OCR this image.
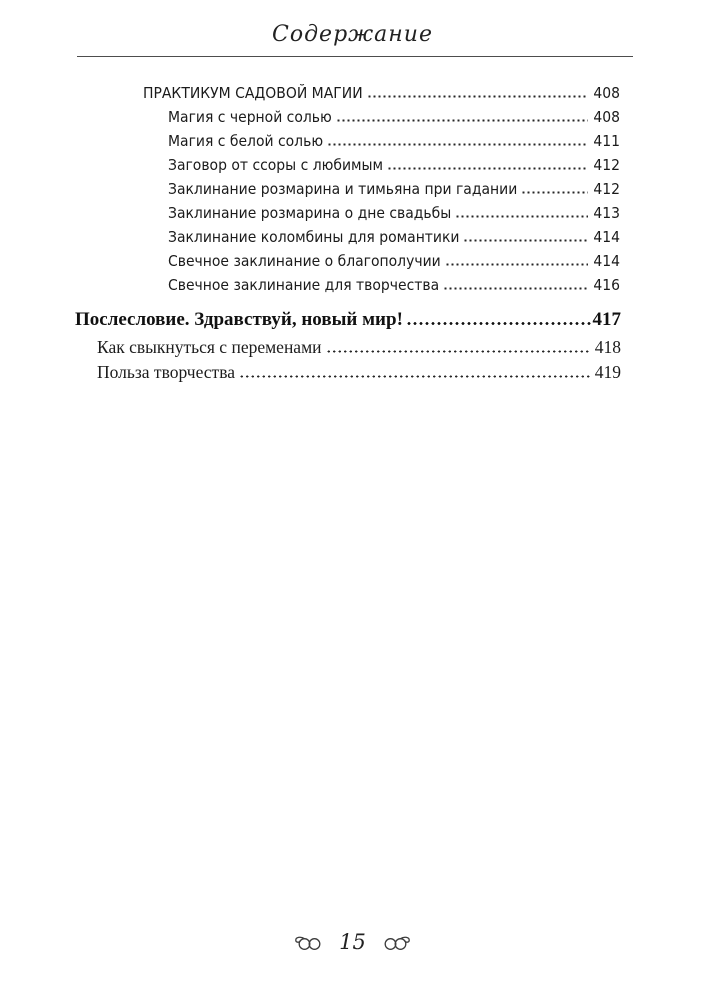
Содержание
ПРАКТИКУМ САДОВОЙ МАГИИ	408
Магия с черной солью	408
Магия с белой солью	411
Заговор от ссоры с любимым	412
Заклинание розмарина и тимьяна при гадании	412
Заклинание розмарина о дне свадьбы	413
Заклинание коломбины для романтики	414
Свечное заклинание о благополучии	414
Свечное заклинание для творчества	416
Послесловие. Здравствуй, новый мир!	417
Как свыкнуться с переменами	418
Польза творчества	419
15
